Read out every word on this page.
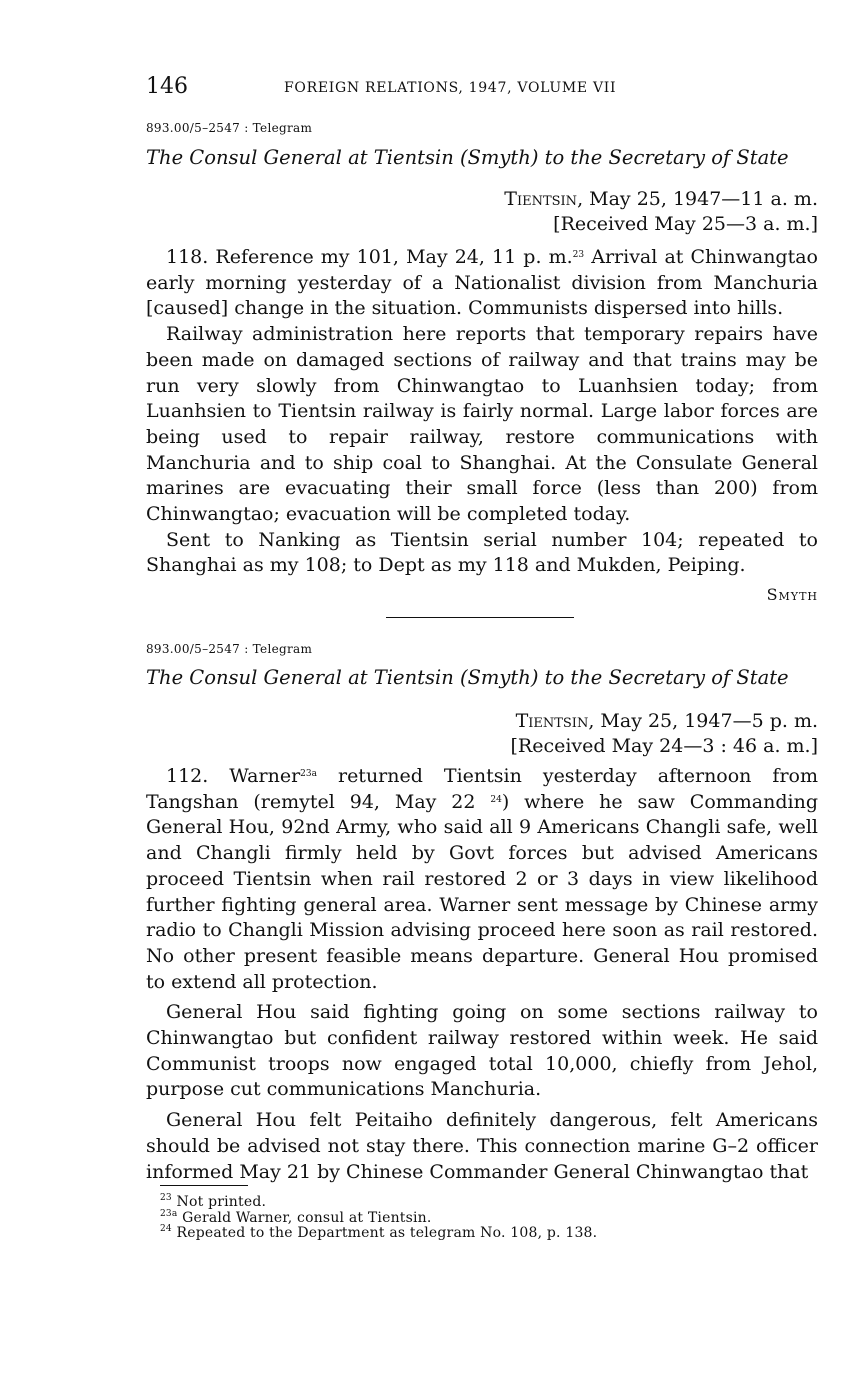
146	FOREIGN RELATIONS, 1947, VOLUME VII
893.00/5–2547 : Telegram
The Consul General at Tientsin (Smyth) to the Secretary of State
Tientsin, May 25, 1947—11 a. m.
[Received May 25—3 a. m.]

118. Reference my 101, May 24, 11 p. m.$^{23}$ Arrival at Chinwangtao early morning yesterday of a Nationalist division from Manchuria [caused] change in the situation. Communists dispersed into hills.

Railway administration here reports that temporary repairs have been made on damaged sections of railway and that trains may be run very slowly from Chinwangtao to Luanhsien today; from Luanhsien to Tientsin railway is fairly normal. Large labor forces are being used to repair railway, restore communications with Manchuria and to ship coal to Shanghai. At the Consulate General marines are evacuating their small force (less than 200) from Chinwangtao; evacuation will be completed today.

Sent to Nanking as Tientsin serial number 104; repeated to Shanghai as my 108; to Dept as my 118 and Mukden, Peiping.

Smyth
893.00/5–2547 : Telegram
The Consul General at Tientsin (Smyth) to the Secretary of State
Tientsin, May 25, 1947—5 p. m.
[Received May 24—3 : 46 a. m.]

112. Warner$^{23a}$ returned Tientsin yesterday afternoon from Tangshan (remytel 94, May 22 $^{24}$) where he saw Commanding General Hou, 92nd Army, who said all 9 Americans Changli safe, well and Changli firmly held by Govt forces but advised Americans proceed Tientsin when rail restored 2 or 3 days in view likelihood further fighting general area. Warner sent message by Chinese army radio to Changli Mission advising proceed here soon as rail restored. No other present feasible means departure. General Hou promised to extend all protection.

General Hou said fighting going on some sections railway to Chinwangtao but confident railway restored within week. He said Communist troops now engaged total 10,000, chiefly from Jehol, purpose cut communications Manchuria.

General Hou felt Peitaiho definitely dangerous, felt Americans should be advised not stay there. This connection marine G–2 officer informed May 21 by Chinese Commander General Chinwangtao that

$^{23}$ Not printed.
$^{23a}$ Gerald Warner, consul at Tientsin.
$^{24}$ Repeated to the Department as telegram No. 108, p. 138.
